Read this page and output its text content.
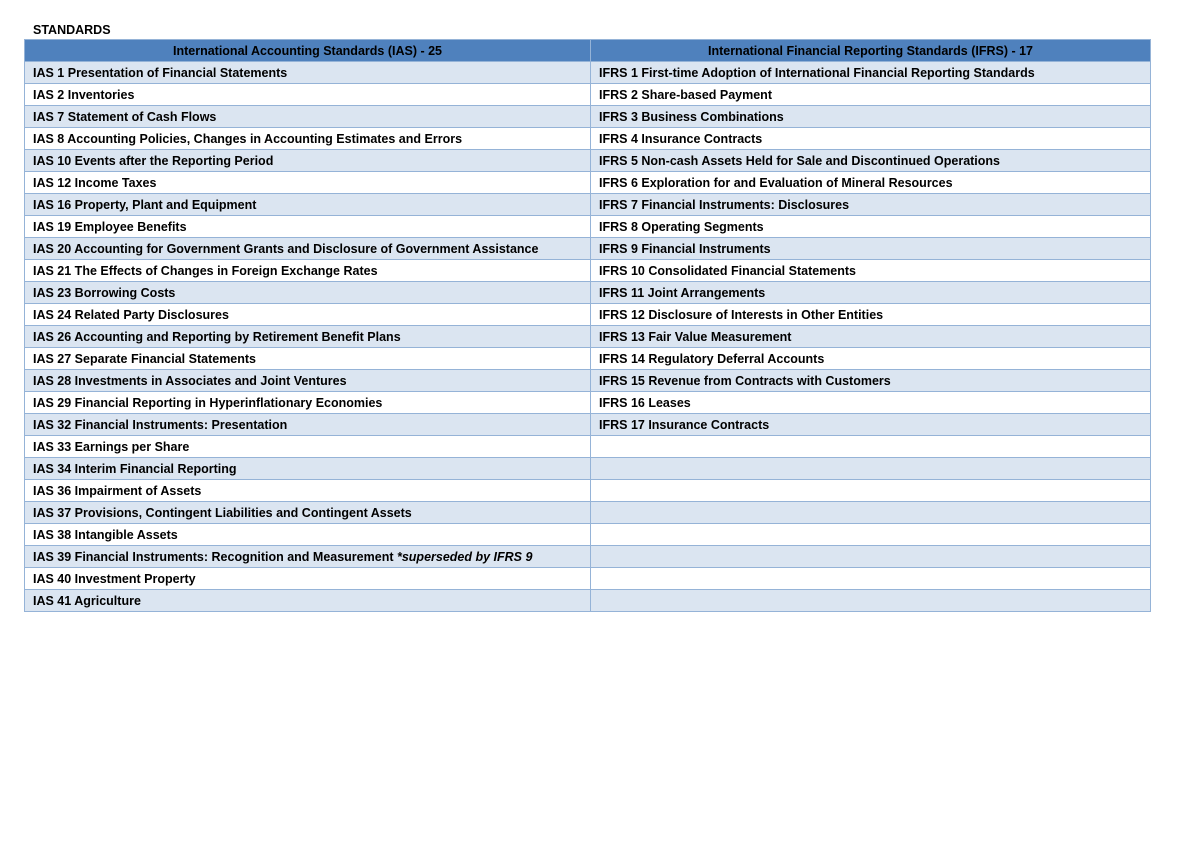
STANDARDS
International Accounting Standards (IAS) - 25	International Financial Reporting Standards (IFRS) - 17
IAS 1 Presentation of Financial Statements	IFRS 1 First-time Adoption of International Financial Reporting Standards
IAS 2 Inventories	IFRS 2 Share-based Payment
IAS 7 Statement of Cash Flows	IFRS 3 Business Combinations
IAS 8 Accounting Policies, Changes in Accounting Estimates and Errors	IFRS 4 Insurance Contracts
IAS 10 Events after the Reporting Period	IFRS 5 Non-cash Assets Held for Sale and Discontinued Operations
IAS 12 Income Taxes	IFRS 6 Exploration for and Evaluation of Mineral Resources
IAS 16 Property, Plant and Equipment	IFRS 7 Financial Instruments: Disclosures
IAS 19 Employee Benefits	IFRS 8 Operating Segments
IAS 20 Accounting for Government Grants and Disclosure of Government Assistance	IFRS 9 Financial Instruments
IAS 21 The Effects of Changes in Foreign Exchange Rates	IFRS 10 Consolidated Financial Statements
IAS 23 Borrowing Costs	IFRS 11 Joint Arrangements
IAS 24 Related Party Disclosures	IFRS 12 Disclosure of Interests in Other Entities
IAS 26 Accounting and Reporting by Retirement Benefit Plans	IFRS 13 Fair Value Measurement
IAS 27 Separate Financial Statements	IFRS 14 Regulatory Deferral Accounts
IAS 28 Investments in Associates and Joint Ventures	IFRS 15 Revenue from Contracts with Customers
IAS 29 Financial Reporting in Hyperinflationary Economies	IFRS 16 Leases
IAS 32 Financial Instruments: Presentation	IFRS 17 Insurance Contracts
IAS 33 Earnings per Share	
IAS 34 Interim Financial Reporting	
IAS 36 Impairment of Assets	
IAS 37 Provisions, Contingent Liabilities and Contingent Assets	
IAS 38 Intangible Assets	
IAS 39 Financial Instruments: Recognition and Measurement *superseded by IFRS 9	
IAS 40 Investment Property	
IAS 41 Agriculture	
